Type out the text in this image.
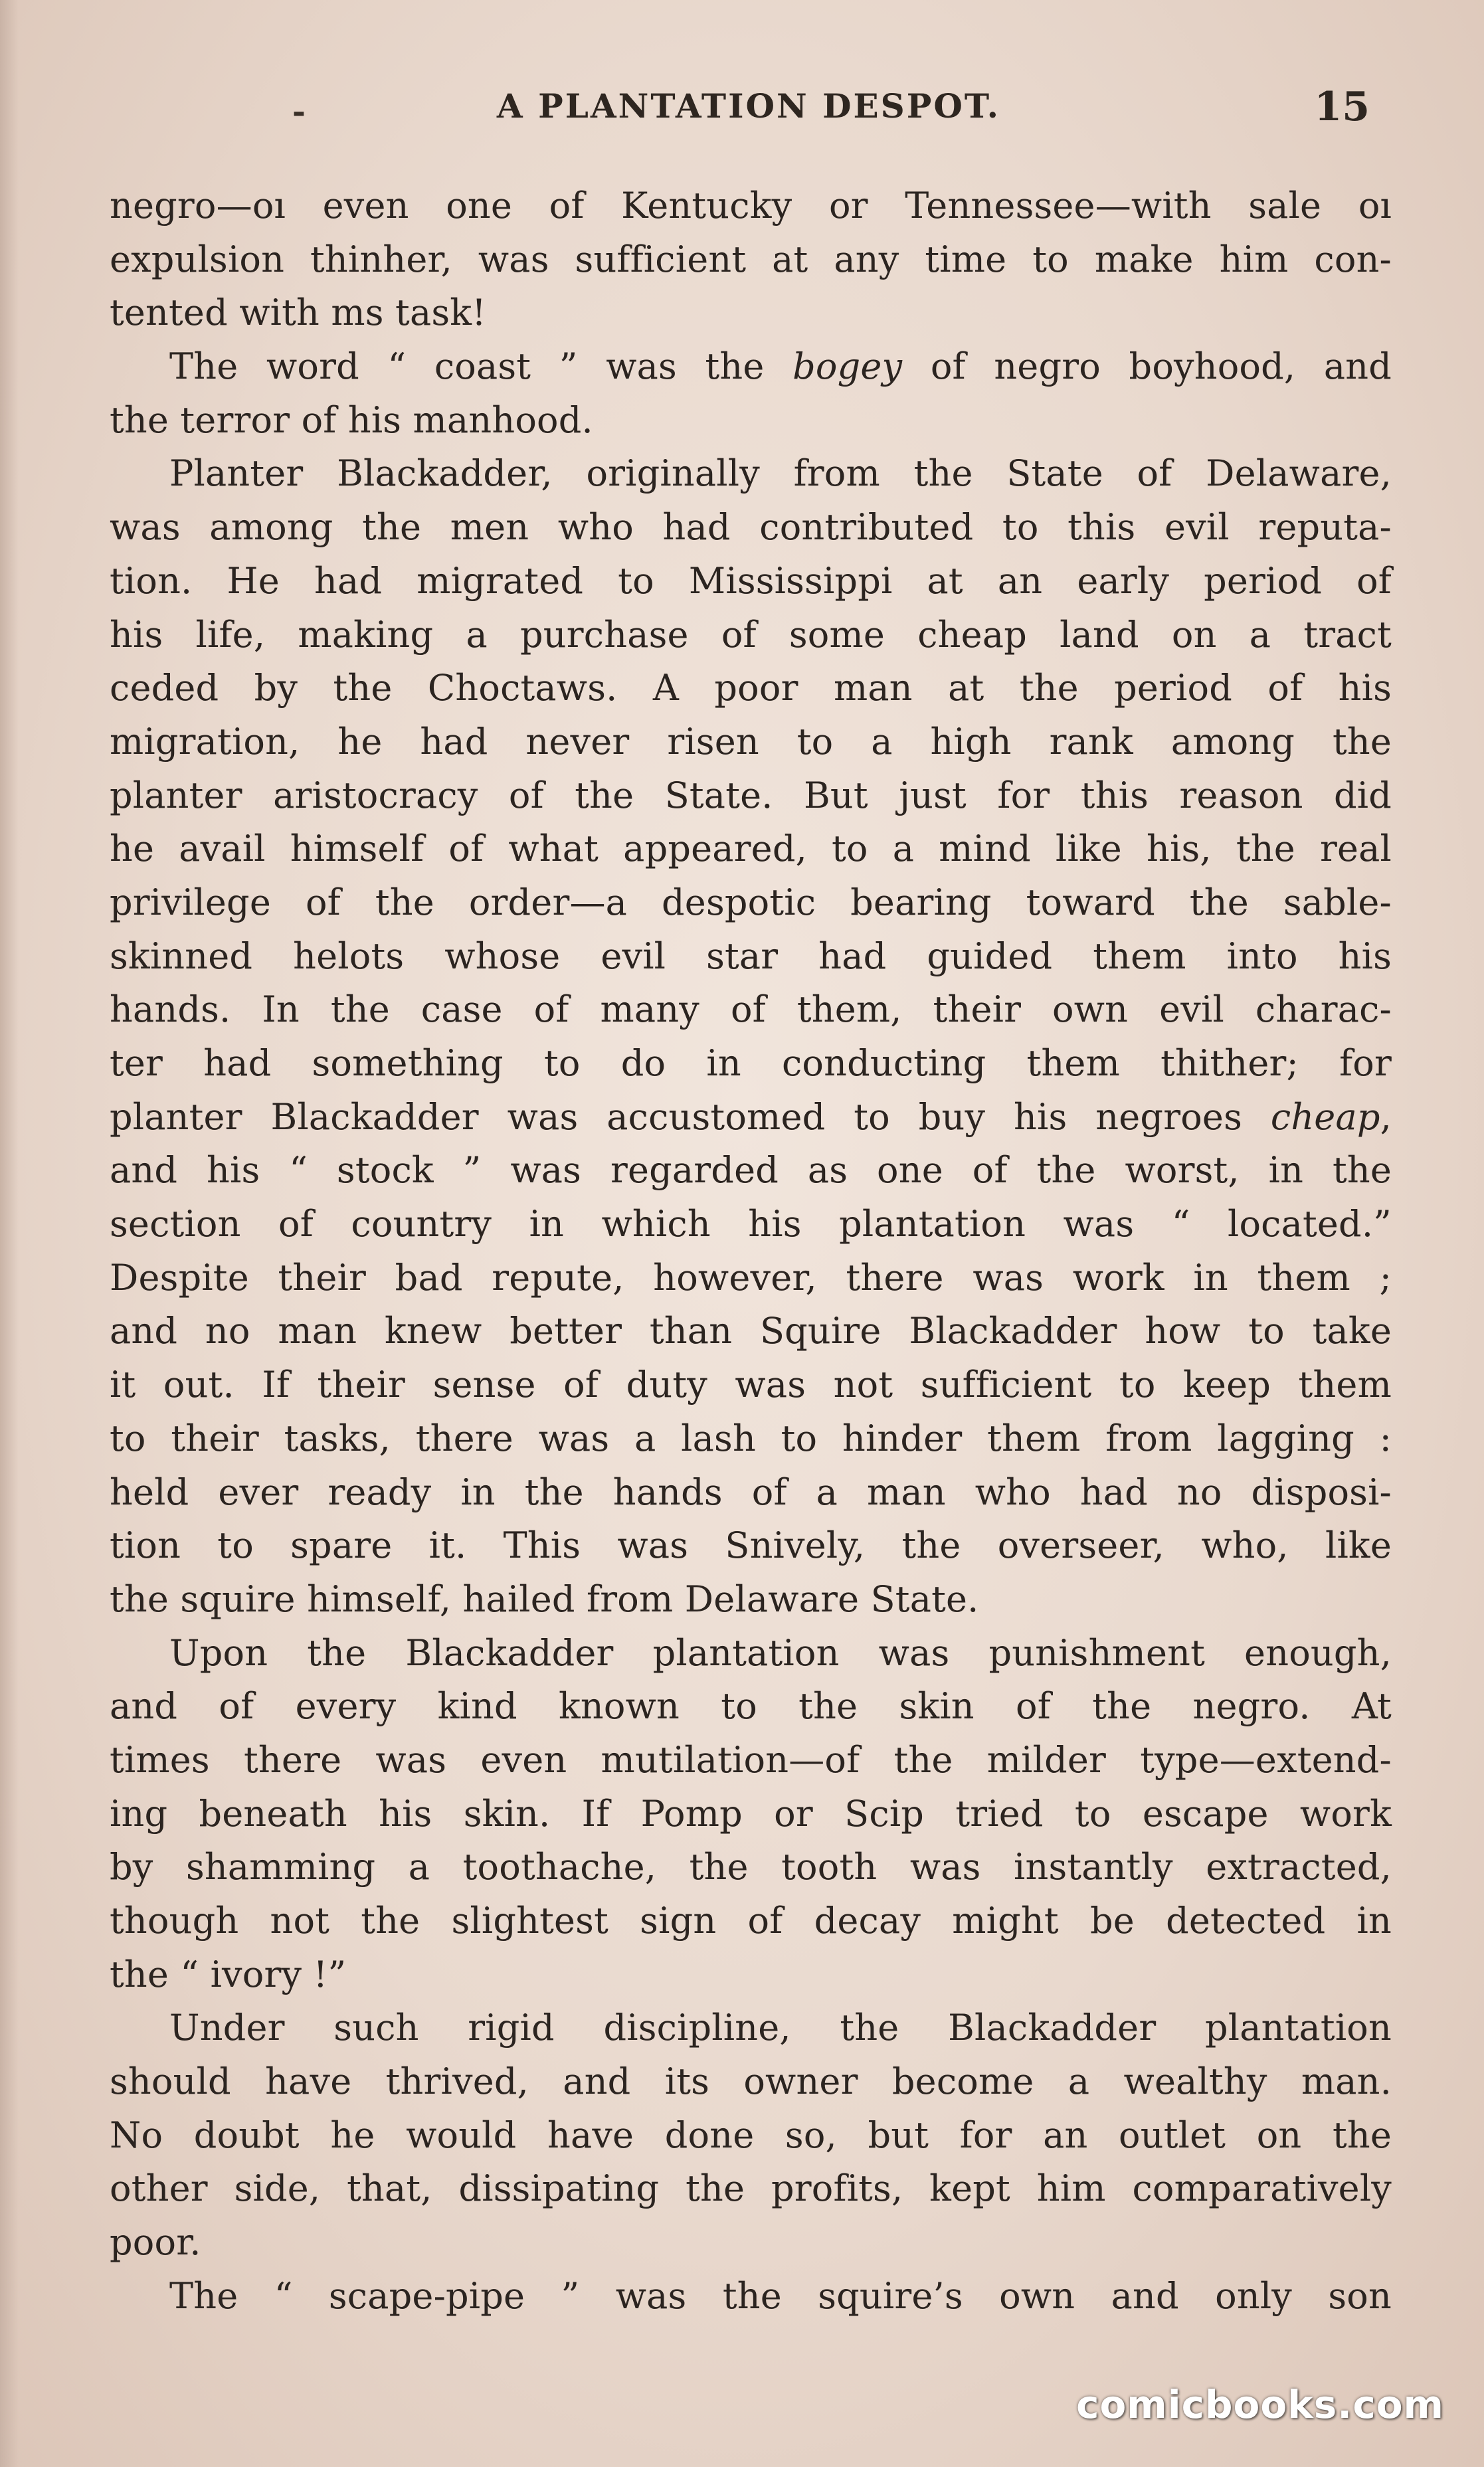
-	A PLANTATION DESPOT.	15
negro—oı even one of Kentucky or Tennessee—with sale oı
expulsion thinher, was sufficient at any time to make him con-
tented with ms task!
The word “ coast ” was the bogey of negro boyhood, and
the terror of his manhood.
Planter Blackadder, originally from the State of Delaware,
was among the men who had contributed to this evil reputa-
tion. He had migrated to Mississippi at an early period of
his life, making a purchase of some cheap land on a tract
ceded by the Choctaws. A poor man at the period of his
migration, he had never risen to a high rank among the
planter aristocracy of the State. But just for this reason did
he avail himself of what appeared, to a mind like his, the real
privilege of the order—a despotic bearing toward the sable-
skinned helots whose evil star had guided them into his
hands. In the case of many of them, their own evil charac-
ter had something to do in conducting them thither; for
planter Blackadder was accustomed to buy his negroes cheap,
and his “ stock ” was regarded as one of the worst, in the
section of country in which his plantation was “ located.”
Despite their bad repute, however, there was work in them ;
and no man knew better than Squire Blackadder how to take
it out. If their sense of duty was not sufficient to keep them
to their tasks, there was a lash to hinder them from lagging :
held ever ready in the hands of a man who had no disposi-
tion to spare it. This was Snively, the overseer, who, like
the squire himself, hailed from Delaware State.
Upon the Blackadder plantation was punishment enough,
and of every kind known to the skin of the negro. At
times there was even mutilation—of the milder type—extend-
ing beneath his skin. If Pomp or Scip tried to escape work
by shamming a toothache, the tooth was instantly extracted,
though not the slightest sign of decay might be detected in
the “ ivory !”
Under such rigid discipline, the Blackadder plantation
should have thrived, and its owner become a wealthy man.
No doubt he would have done so, but for an outlet on the
other side, that, dissipating the profits, kept him comparatively
poor.
The “ scape-pipe ” was the squire’s own and only son
comicbooks.com
